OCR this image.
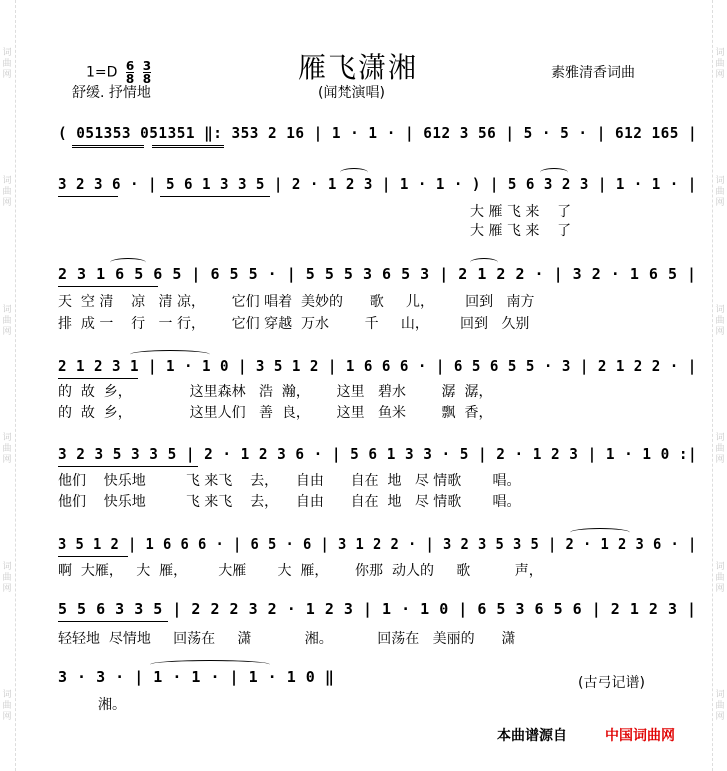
词
曲
网
词
曲
网
词
曲
网
词
曲
网
词
曲
网
词
曲
网
词
曲
网
词
曲
网
词
曲
网
词
曲
网
词
曲
网
词
曲
网
$1=D \frac{6}{8}$
$\frac{3}{8}$
舒缓. 抒情地
雁飞潇湘
(闻梵演唱)
素雅清香词曲
( 051353 051351 ‖: 353 2 16 | 1 · 1 · | 612 3 56 | 5 · 5 · | 612 165 |
3 2 3 6 · | 5 6 1 3 3 5 | 2 · 1 2 3 | 1 · 1 · ) | 5 6 3 2 3 | 1 · 1 · |
大 雁 飞 来    了
大 雁 飞 来    了
2 3 1 6 5 6 5 | 6 5 5 · | 5 5 5 3 6 5 3 | 2 1 2 2 · | 3 2 · 1 6 5 |
天  空 清    凉   清 凉，      它们 唱着  美妙的      歌     儿，       回到   南方
排  成 一    行   一 行，      它们 穿越  万水        千     山，       回到   久别
2 1 2 3 1 | 1 · 1 0 | 3 5 1 2 | 1 6 6 6 · | 6 5 6 5 5 · 3 | 2 1 2 2 · |
的  故  乡，             这里森林   浩  瀚，      这里   碧水        潺  潺，
的  故  乡，             这里人们   善  良，      这里   鱼米        飘  香，
3 2 3 5 3 3 5 | 2 · 1 2 3 6 · | 5 6 1 3 3 · 5 | 2 · 1 2 3 | 1 · 1 0 :|
他们    快乐地         飞 来飞    去，    自由      自在  地   尽 情歌       唱。
他们    快乐地         飞 来飞    去，    自由      自在  地   尽 情歌       唱。
3 5 1 2 | 1 6 6 6 · | 6 5 · 6 | 3 1 2 2 · | 3 2 3 5 3 5 | 2 · 1 2 3 6 · |
啊  大雁，   大  雁，       大雁       大  雁，      你那  动人的     歌          声，
5 5 6 3 3 5 | 2 2 2 3 2 · 1 2 3 | 1 · 1 0 | 6 5 3 6 5 6 | 2 1 2 3 |
轻轻地  尽情地     回荡在     潇            湘。          回荡在   美丽的      潇
3 · 3 · | 1 · 1 · | 1 · 1 0 ‖
湘。
(古弓记谱)
本曲谱源自	中国词曲网
